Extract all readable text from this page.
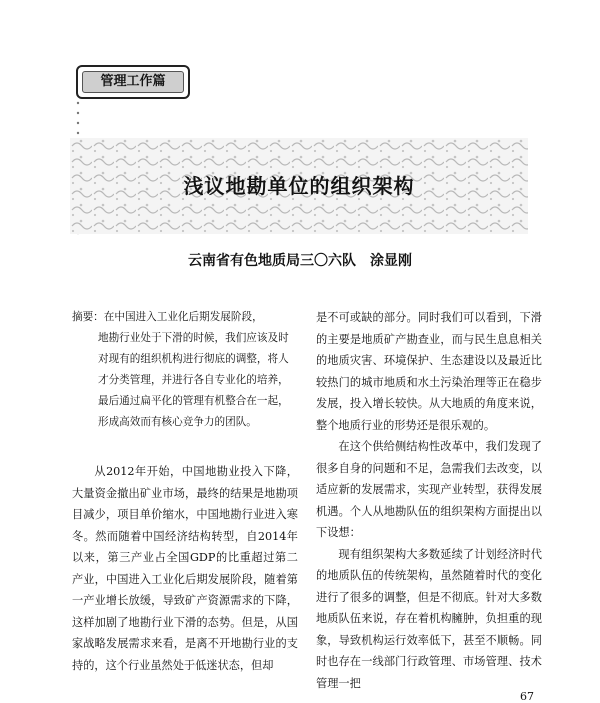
管理工作篇
浅议地勘单位的组织架构
云南省有色地质局三〇六队　涂显刚
摘要：在中国进入工业化后期发展阶段，
地勘行业处于下滑的时候，我们应该及时对现有的组织机构进行彻底的调整，将人才分类管理，并进行各自专业化的培养，最后通过扁平化的管理有机整合在一起，形成高效而有核心竞争力的团队。

从2012年开始，中国地勘业投入下降，大量资金撤出矿业市场，最终的结果是地勘项目减少，项目单价缩水，中国地勘行业进入寒冬。然而随着中国经济结构转型，自2014年以来，第三产业占全国GDP的比重超过第二产业，中国进入工业化后期发展阶段，随着第一产业增长放缓，导致矿产资源需求的下降，这样加剧了地勘行业下滑的态势。但是，从国家战略发展需求来看，是离不开地勘行业的支持的，这个行业虽然处于低迷状态，但却

是不可或缺的部分。同时我们可以看到，下滑的主要是地质矿产勘查业，而与民生息息相关的地质灾害、环境保护、生态建设以及最近比较热门的城市地质和水土污染治理等正在稳步发展，投入增长较快。从大地质的角度来说，整个地质行业的形势还是很乐观的。

在这个供给侧结构性改革中，我们发现了很多自身的问题和不足，急需我们去改变，以适应新的发展需求，实现产业转型，获得发展机遇。个人从地勘队伍的组织架构方面提出以下设想：

现有组织架构大多数延续了计划经济时代的地质队伍的传统架构，虽然随着时代的变化进行了很多的调整，但是不彻底。针对大多数地质队伍来说，存在着机构臃肿，负担重的现象，导致机构运行效率低下，甚至不顺畅。同时也存在一线部门行政管理、市场管理、技术管理一把

67
